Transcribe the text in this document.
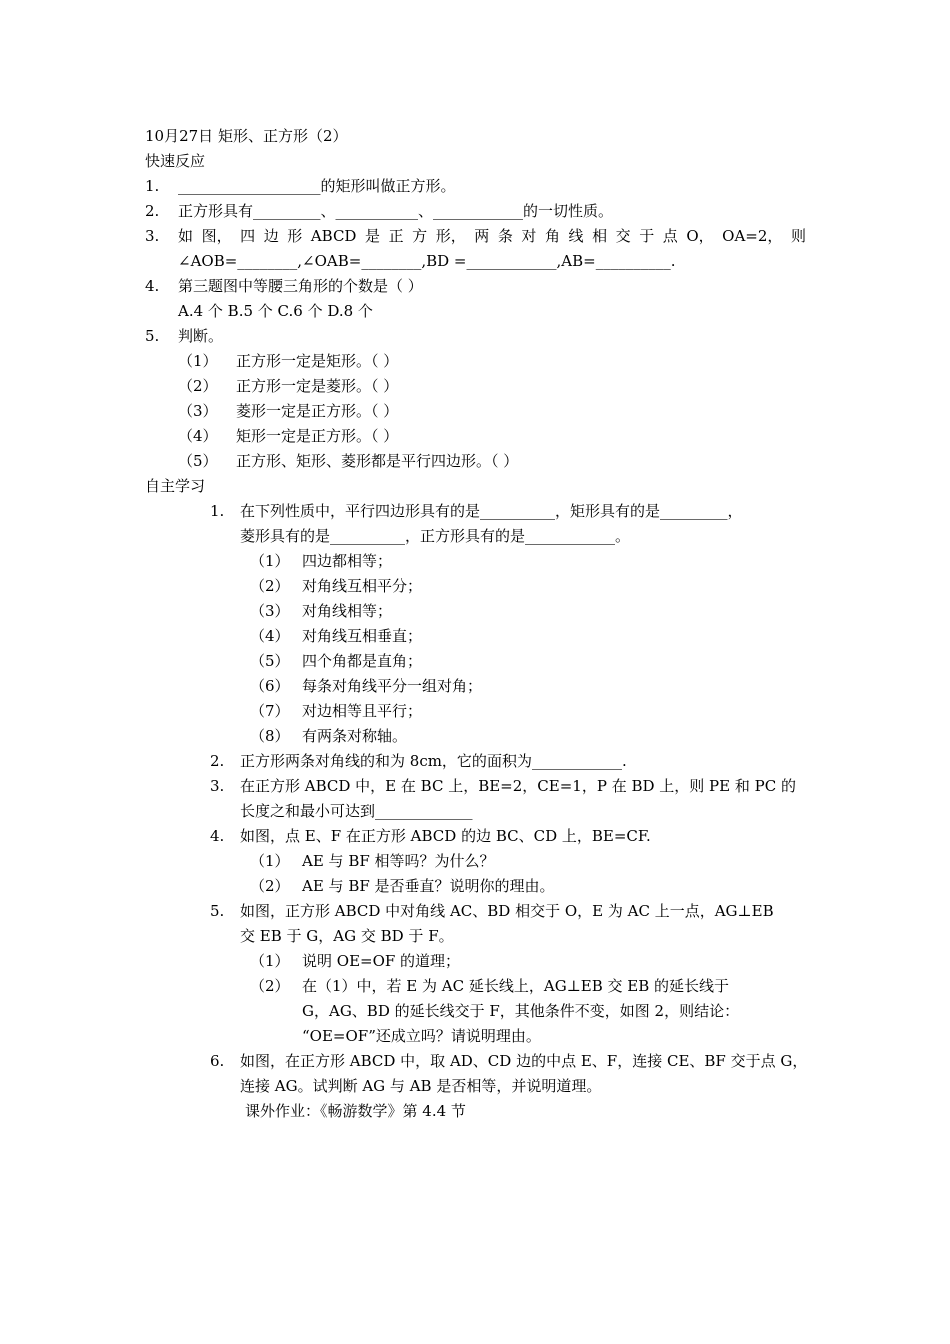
10月27日 矩形、正方形（2）
快速反应
1. ___________________的矩形叫做正方形。
2. 正方形具有_________、___________、____________的一切性质。
3. 如 图， 四 边 形 ABCD 是 正 方 形， 两 条 对 角 线 相 交 于 点 O， OA=2， 则
∠AOB=________,∠OAB=________,BD =____________,AB=__________.
4. 第三题图中等腰三角形的个数是（ ）
A.4 个 B.5 个 C.6 个 D.8 个
5. 判断。
（1） 正方形一定是矩形。（ ）
（2） 正方形一定是菱形。（ ）
（3） 菱形一定是正方形。（ ）
（4） 矩形一定是正方形。（ ）
（5） 正方形、矩形、菱形都是平行四边形。（ ）
自主学习
1. 在下列性质中，平行四边形具有的是__________，矩形具有的是_________，
菱形具有的是__________，正方形具有的是____________。
（1） 四边都相等；
（2） 对角线互相平分；
（3） 对角线相等；
（4） 对角线互相垂直；
（5） 四个角都是直角；
（6） 每条对角线平分一组对角；
（7） 对边相等且平行；
（8） 有两条对称轴。
2. 正方形两条对角线的和为 8cm，它的面积为____________.
3. 在正方形 ABCD 中，E 在 BC 上，BE=2，CE=1，P 在 BD 上，则 PE 和 PC 的
长度之和最小可达到_____________
4. 如图，点 E、F 在正方形 ABCD 的边 BC、CD 上，BE=CF.
（1） AE 与 BF 相等吗？为什么？
（2） AE 与 BF 是否垂直？说明你的理由。
5. 如图，正方形 ABCD 中对角线 AC、BD 相交于 O，E 为 AC 上一点，AG⊥EB
交 EB 于 G，AG 交 BD 于 F。
（1） 说明 OE=OF 的道理；
（2） 在（1）中，若 E 为 AC 延长线上，AG⊥EB 交 EB 的延长线于
G，AG、BD 的延长线交于 F，其他条件不变，如图 2，则结论：
“OE=OF”还成立吗？请说明理由。
6. 如图，在正方形 ABCD 中，取 AD、CD 边的中点 E、F，连接 CE、BF 交于点 G，
连接 AG。试判断 AG 与 AB 是否相等，并说明道理。
课外作业：《畅游数学》第 4.4 节
